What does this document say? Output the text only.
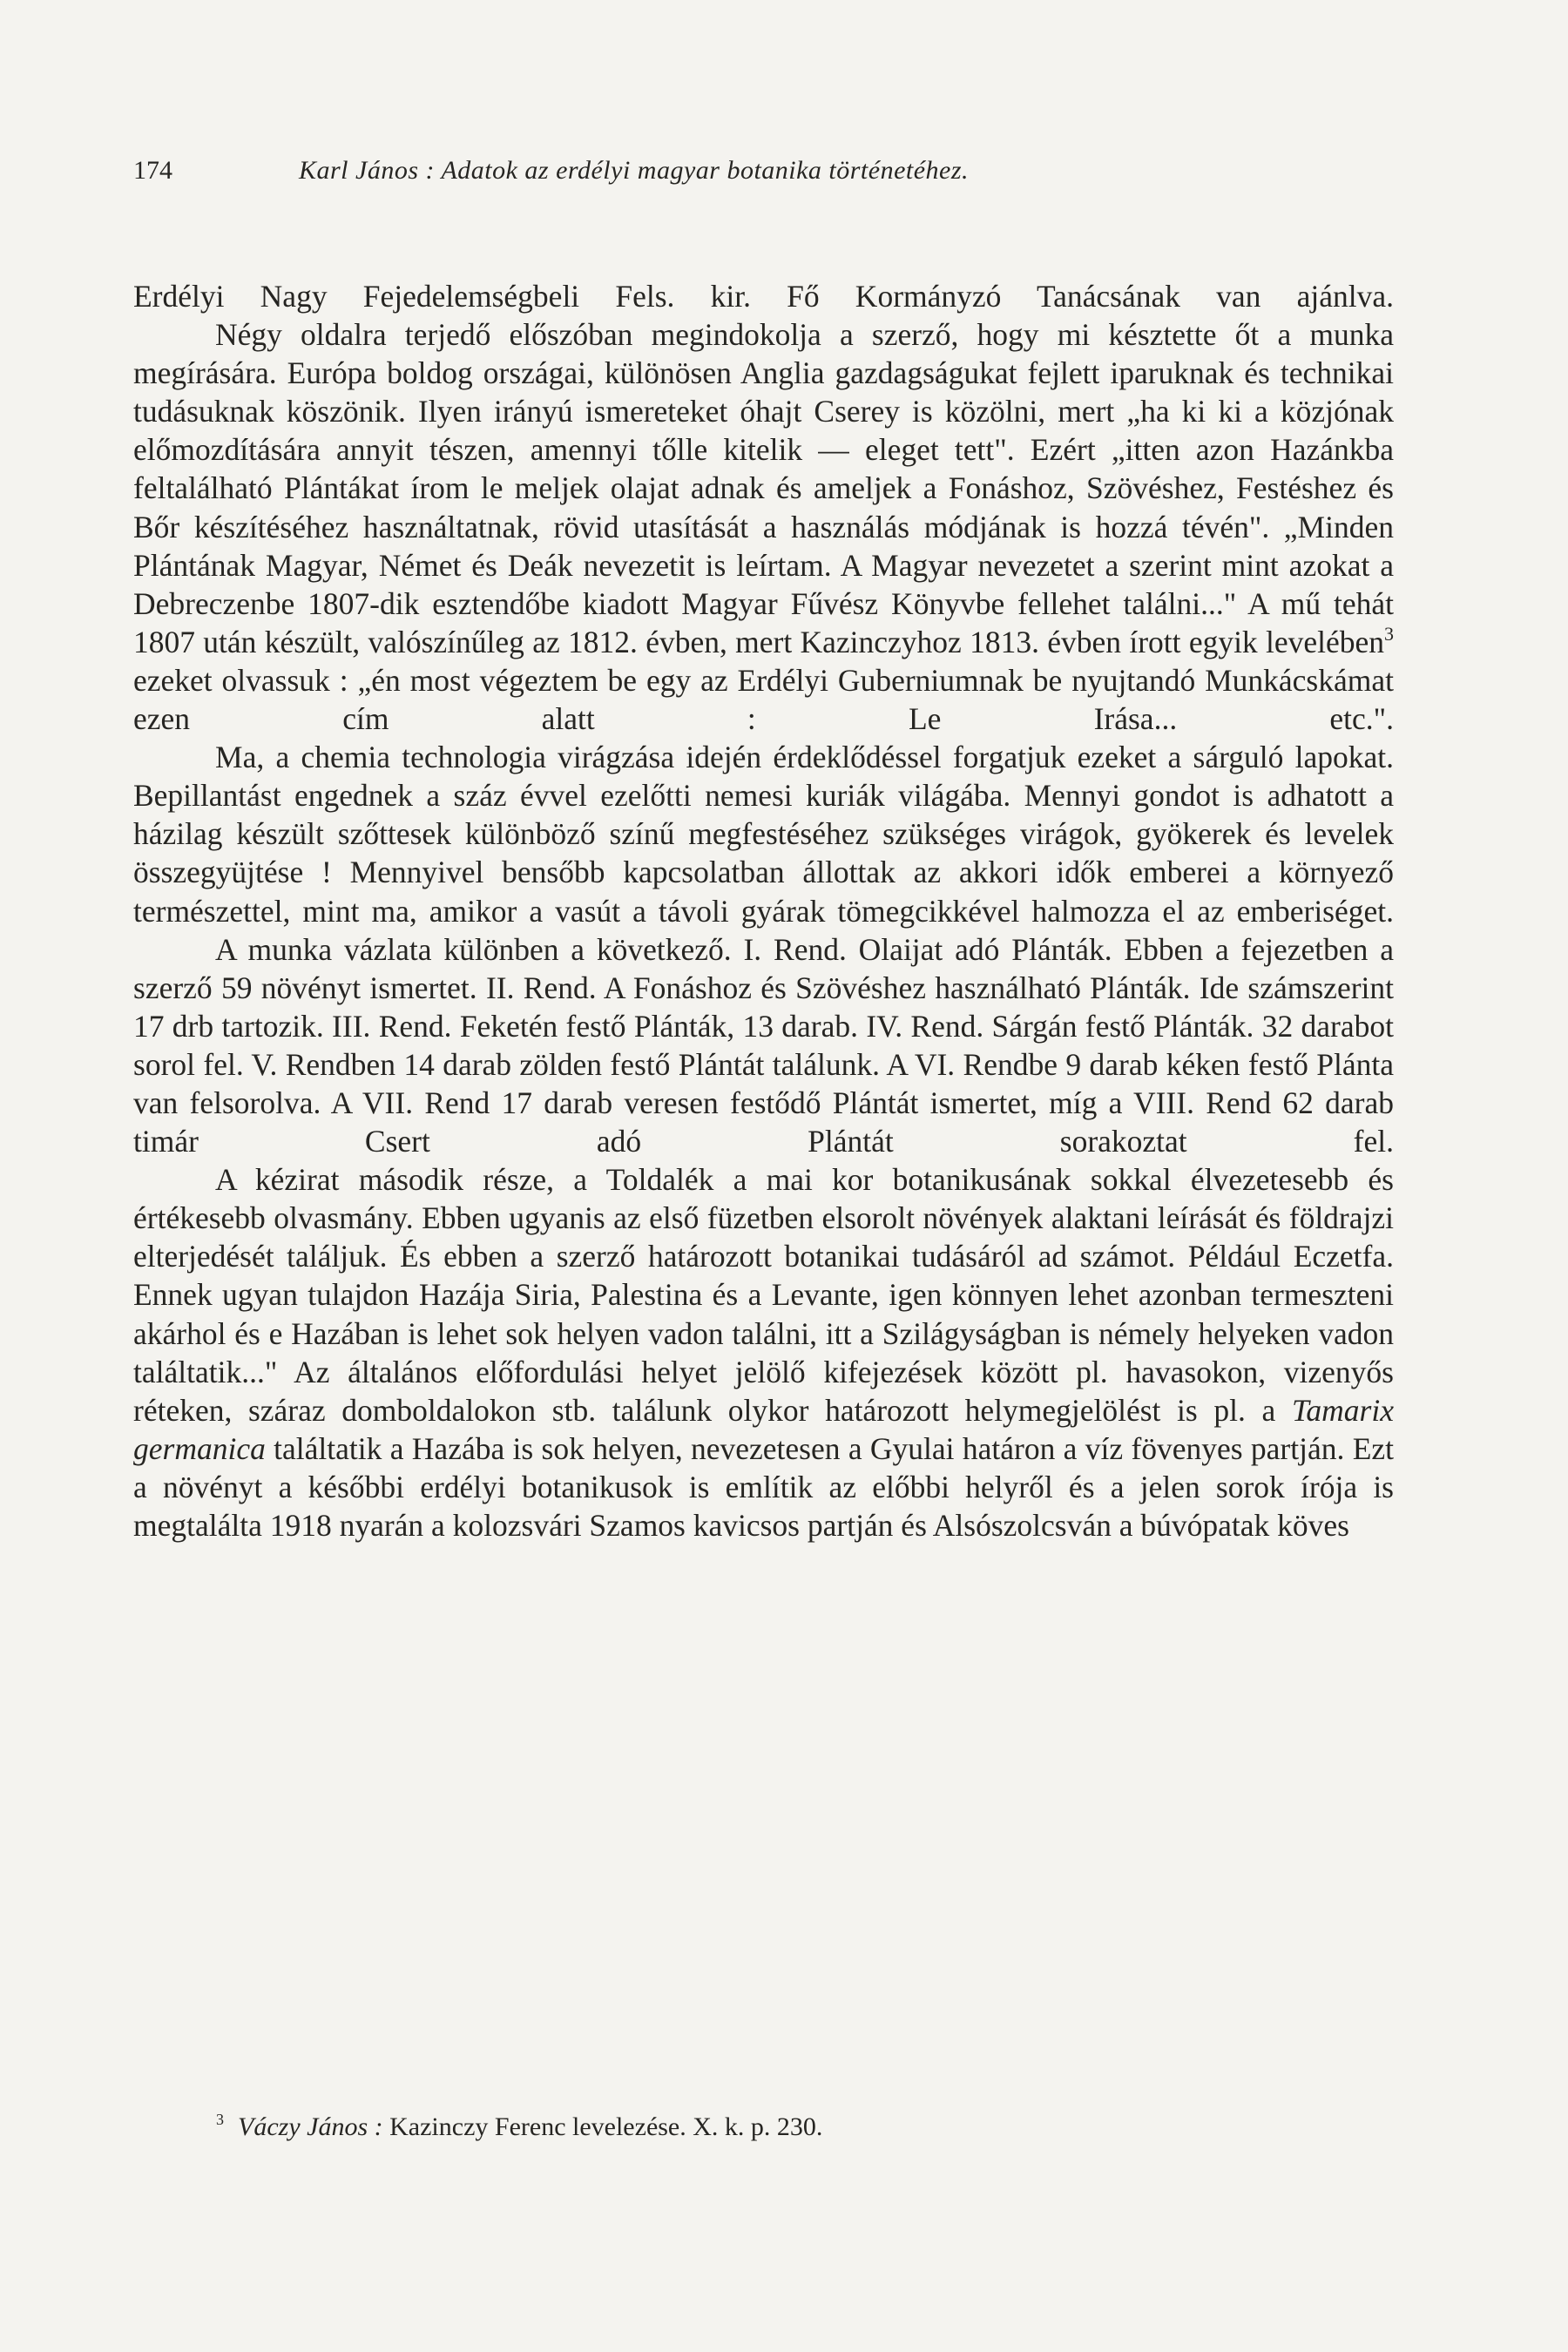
174	Karl János : Adatok az erdélyi magyar botanika történetéhez.

Erdélyi Nagy Fejedelemségbeli Fels. kir. Fő Kormányzó Tanácsának van ajánlva.

Négy oldalra terjedő előszóban megindokolja a szerző, hogy mi késztette őt a munka megírására. Európa boldog országai, különösen Anglia gazdagságukat fejlett iparuknak és technikai tudásuknak köszönik. Ilyen irányú ismereteket óhajt Cserey is közölni, mert „ha ki ki a közjónak előmozdítására annyit tészen, amennyi tőlle kitelik — eleget tett". Ezért „itten azon Hazánkba feltalálható Plántákat írom le meljek olajat adnak és ameljek a Fonáshoz, Szövéshez, Festéshez és Bőr készítéséhez használtatnak, rövid utasítását a használás módjának is hozzá tévén". „Minden Plántának Magyar, Német és Deák nevezetit is leírtam. A Magyar nevezetet a szerint mint azokat a Debreczenbe 1807-dik esztendőbe kiadott Magyar Fűvész Könyvbe fellehet találni..." A mű tehát 1807 után készült, valószínűleg az 1812. évben, mert Kazinczyhoz 1813. évben írott egyik levelében$^3$ ezeket olvassuk : „én most végeztem be egy az Erdélyi Guberniumnak be nyujtandó Munkácskámat ezen cím alatt : Le Irása... etc.".

Ma, a chemia technologia virágzása idején érdeklődéssel forgatjuk ezeket a sárguló lapokat. Bepillantást engednek a száz évvel ezelőtti nemesi kuriák világába. Mennyi gondot is adhatott a házilag készült szőttesek különböző színű megfestéséhez szükséges virágok, gyökerek és levelek összegyüjtése ! Mennyivel bensőbb kapcsolatban állottak az akkori idők emberei a környező természettel, mint ma, amikor a vasút a távoli gyárak tömegcikkével halmozza el az emberiséget.

A munka vázlata különben a következő. I. Rend. Olaijat adó Plánták. Ebben a fejezetben a szerző 59 növényt ismertet. II. Rend. A Fonáshoz és Szövéshez használható Plánták. Ide számszerint 17 drb tartozik. III. Rend. Feketén festő Plánták, 13 darab. IV. Rend. Sárgán festő Plánták. 32 darabot sorol fel. V. Rendben 14 darab zölden festő Plántát találunk. A VI. Rendbe 9 darab kéken festő Plánta van felsorolva. A VII. Rend 17 darab veresen festődő Plántát ismertet, míg a VIII. Rend 62 darab timár Csert adó Plántát sorakoztat fel.

A kézirat második része, a Toldalék a mai kor botanikusának sokkal élvezetesebb és értékesebb olvasmány. Ebben ugyanis az első füzetben elsorolt növények alaktani leírását és földrajzi elterjedését találjuk. És ebben a szerző határozott botanikai tudásáról ad számot. Például Eczetfa. Ennek ugyan tulajdon Hazája Siria, Palestina és a Levante, igen könnyen lehet azonban termeszteni akárhol és e Hazában is lehet sok helyen vadon találni, itt a Szilágyságban is némely helyeken vadon találtatik..." Az általános előfordulási helyet jelölő kifejezések között pl. havasokon, vizenyős réteken, száraz domboldalokon stb. találunk olykor határozott helymegjelölést is pl. a Tamarix germanica találtatik a Hazába is sok helyen, nevezetesen a Gyulai határon a víz fövenyes partján. Ezt a növényt a későbbi erdélyi botanikusok is említik az előbbi helyről és a jelen sorok írója is megtalálta 1918 nyarán a kolozsvári Szamos kavicsos partján és Alsószolcsván a búvópatak köves

$^3$ Váczy János : Kazinczy Ferenc levelezése. X. k. p. 230.
